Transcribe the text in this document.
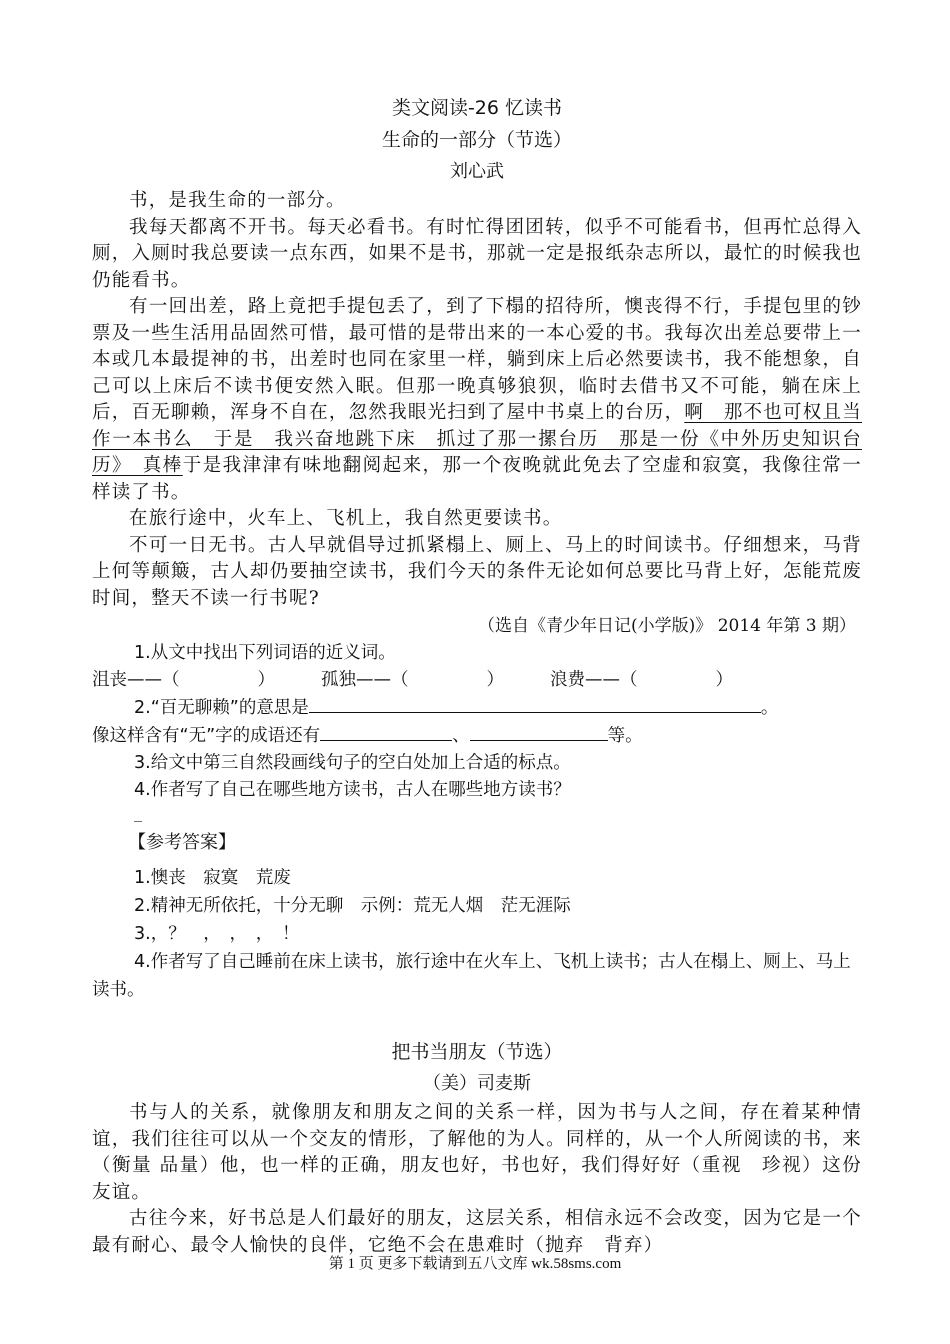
类文阅读-26 忆读书
生命的一部分（节选）
刘心武

书，是我生命的一部分。

我每天都离不开书。每天必看书。有时忙得团团转，似乎不可能看书，但再忙总得入厕，入厕时我总要读一点东西，如果不是书，那就一定是报纸杂志所以，最忙的时候我也仍能看书。

有一回出差，路上竟把手提包丢了，到了下榻的招待所，懊丧得不行，手提包里的钞票及一些生活用品固然可惜，最可惜的是带出来的一本心爱的书。我每次出差总要带上一本或几本最提神的书，出差时也同在家里一样，躺到床上后必然要读书，我不能想象，自己可以上床后不读书便安然入眠。但那一晚真够狼狈，临时去借书又不可能，躺在床上后，百无聊赖，浑身不自在，忽然我眼光扫到了屋中书桌上的台历，啊　那不也可权且当作一本书么　于是　我兴奋地跳下床　抓过了那一摞台历　那是一份《中外历史知识台历》　真棒于是我津津有味地翻阅起来，那一个夜晚就此免去了空虚和寂寞，我像往常一样读了书。

在旅行途中，火车上、飞机上，我自然更要读书。

不可一日无书。古人早就倡导过抓紧榻上、厕上、马上的时间读书。仔细想来，马背上何等颠簸，古人却仍要抽空读书，我们今天的条件无论如何总要比马背上好，怎能荒废时间，整天不读一行书呢?

（选自《青少年日记(小学版)》 2014 年第 3 期）
1.从文中找出下列词语的近义词。
沮丧——（	）	孤独——（	）	浪费——（	）
2.“百无聊赖”的意思是	。
像这样含有“无”字的成语还有	、	等。
3.给文中第三自然段画线句子的空白处加上合适的标点。
4.作者写了自己在哪些地方读书，古人在哪些地方读书？
_
【参考答案】
1.懊丧　寂寞　荒废
2.精神无所依托，十分无聊　示例：荒无人烟　茫无涯际
3.，？　，　，　，　！
4.作者写了自己睡前在床上读书，旅行途中在火车上、飞机上读书；古人在榻上、厕上、马上读书。
把书当朋友（节选）
（美）司麦斯

书与人的关系，就像朋友和朋友之间的关系一样，因为书与人之间，存在着某种情谊，我们往往可以从一个交友的情形，了解他的为人。同样的，从一个人所阅读的书，来（衡量 品量）他，也一样的正确，朋友也好，书也好，我们得好好（重视　珍视）这份友谊。

古往今来，好书总是人们最好的朋友，这层关系，相信永远不会改变，因为它是一个最有耐心、最令人愉快的良伴，它绝不会在患难时（抛弃　背弃）

第 1 页 更多下载请到五八文库 wk.58sms.com
